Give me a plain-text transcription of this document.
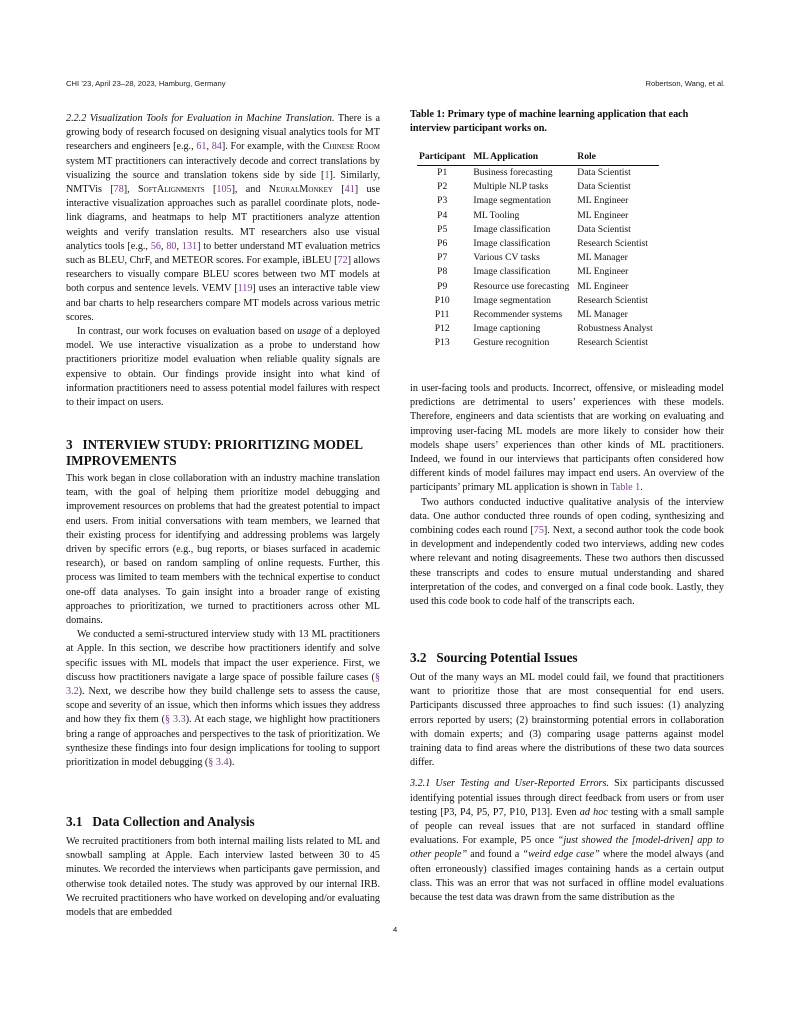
CHI ’23, April 23–28, 2023, Hamburg, Germany	Robertson, Wang, et al.

2.2.2 Visualization Tools for Evaluation in Machine Translation. There is a growing body of research focused on designing visual analytics tools for MT researchers and engineers [e.g., 61, 84]. For example, with the Chinese Room system MT practitioners can interactively decode and correct translations by visualizing the source and translation tokens side by side [1]. Similarly, NMTVis [78], SoftAlignments [105], and NeuralMonkey [41] use interactive visualization approaches such as parallel coordinate plots, node-link diagrams, and heatmaps to help MT practitioners analyze attention weights and verify translation results. MT researchers also use visual analytics tools [e.g., 56, 80, 131] to better understand MT evaluation metrics such as BLEU, ChrF, and METEOR scores. For example, iBLEU [72] allows researchers to visually compare BLEU scores between two MT models at both corpus and sentence levels. VEMV [119] uses an interactive table view and bar charts to help researchers compare MT models across various metric scores.

In contrast, our work focuses on evaluation based on usage of a deployed model. We use interactive visualization as a probe to understand how practitioners prioritize model evaluation when reliable quality signals are expensive to obtain. Our findings provide insight into what kind of information practitioners need to assess potential model failures with respect to their impact on users.

3 INTERVIEW STUDY: PRIORITIZING MODEL IMPROVEMENTS

This work began in close collaboration with an industry machine translation team, with the goal of helping them prioritize model debugging and improvement resources on problems that had the greatest potential to impact end users. From initial conversations with team members, we learned that their existing process for identifying and addressing problems was largely driven by specific errors (e.g., bug reports, or biases surfaced in academic research), or based on random sampling of online requests. Further, this process was limited to team members with the technical expertise to conduct one-off data analyses. To gain insight into a broader range of existing approaches to prioritization, we turned to practitioners across other ML domains.

We conducted a semi-structured interview study with 13 ML practitioners at Apple. In this section, we describe how practitioners identify and solve specific issues with ML models that impact the user experience. First, we discuss how practitioners navigate a large space of possible failure cases (§ 3.2). Next, we describe how they build challenge sets to assess the cause, scope and severity of an issue, which then informs which issues they address and how they fix them (§ 3.3). At each stage, we highlight how practitioners bring a range of approaches and perspectives to the task of prioritization. We synthesize these findings into four design implications for tooling to support prioritization in model debugging (§ 3.4).

3.1 Data Collection and Analysis

We recruited practitioners from both internal mailing lists related to ML and snowball sampling at Apple. Each interview lasted between 30 to 45 minutes. We recorded the interviews when participants gave permission, and otherwise took detailed notes. The study was approved by our internal IRB. We recruited practitioners who have worked on developing and/or evaluating models that are embedded

Table 1: Primary type of machine learning application that each interview participant works on.
Participant	ML Application	Role
P1	Business forecasting	Data Scientist
P2	Multiple NLP tasks	Data Scientist
P3	Image segmentation	ML Engineer
P4	ML Tooling	ML Engineer
P5	Image classification	Data Scientist
P6	Image classification	Research Scientist
P7	Various CV tasks	ML Manager
P8	Image classification	ML Engineer
P9	Resource use forecasting	ML Engineer
P10	Image segmentation	Research Scientist
P11	Recommender systems	ML Manager
P12	Image captioning	Robustness Analyst
P13	Gesture recognition	Research Scientist

in user-facing tools and products. Incorrect, offensive, or misleading model predictions are detrimental to users’ experiences with these models. Therefore, engineers and data scientists that are working on evaluating and improving user-facing ML models are more likely to consider how their models shape users’ experiences than other kinds of ML practitioners. Indeed, we found in our interviews that participants often considered how different kinds of model failures may impact end users. An overview of the participants’ primary ML application is shown in Table 1.

Two authors conducted inductive qualitative analysis of the interview data. One author conducted three rounds of open coding, synthesizing and combining codes each round [75]. Next, a second author took the code book in development and independently coded two interviews, adding new codes where relevant and noting disagreements. These two authors then discussed these transcripts and codes to ensure mutual understanding and shared interpretation of the codes, and converged on a final code book. Lastly, they used this code book to code half of the transcripts each.

3.2 Sourcing Potential Issues

Out of the many ways an ML model could fail, we found that practitioners want to prioritize those that are most consequential for end users. Participants discussed three approaches to find such issues: (1) analyzing errors reported by users; (2) brainstorming potential errors in collaboration with domain experts; and (3) comparing usage patterns against model training data to find areas where the distributions of these two data sources differ.

3.2.1 User Testing and User-Reported Errors. Six participants discussed identifying potential issues through direct feedback from users or from user testing [P3, P4, P5, P7, P10, P13]. Even ad hoc testing with a small sample of people can reveal issues that are not surfaced in standard offline evaluations. For example, P5 once “just showed the [model-driven] app to other people” and found a “weird edge case” where the model always (and often erroneously) classified images containing hands as a certain output class. This was an error that was not surfaced in offline model evaluations because the test data was drawn from the same distribution as the

4
